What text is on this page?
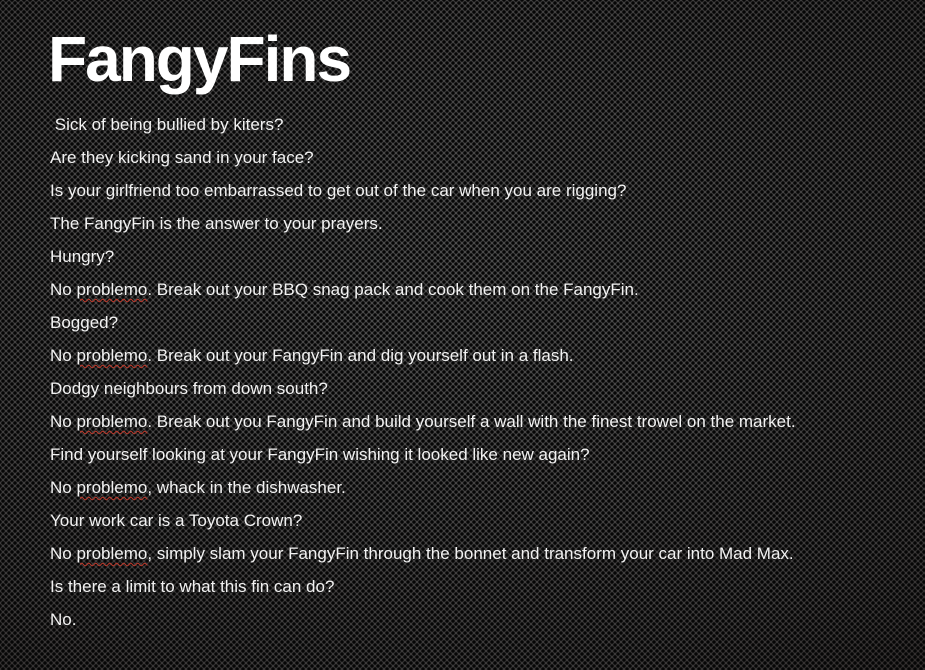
FangyFins

Sick of being bullied by kiters?

Are they kicking sand in your face?

Is your girlfriend too embarrassed to get out of the car when you are rigging?

The FangyFin is the answer to your prayers.

Hungry?

No problemo. Break out your BBQ snag pack and cook them on the FangyFin.

Bogged?

No problemo. Break out your FangyFin and dig yourself out in a flash.

Dodgy neighbours from down south?

No problemo. Break out you FangyFin and build yourself a wall with the finest trowel on the market.

Find yourself looking at your FangyFin wishing it looked like new again?

No problemo, whack in the dishwasher.

Your work car is a Toyota Crown?

No problemo, simply slam your FangyFin through the bonnet and transform your car into Mad Max.

Is there a limit to what this fin can do?

No.
